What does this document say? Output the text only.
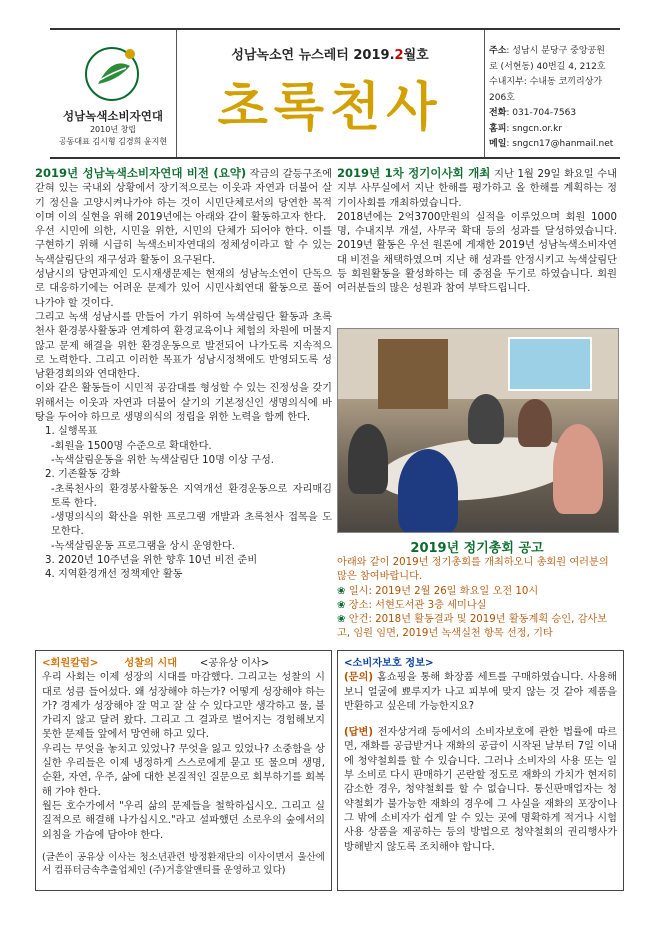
성남녹색소비자연대
2010년 창립
공동대표 김시형 김경희 윤지현
성남녹소연 뉴스레터 2019.2월호
초록천사
주소: 성남시 분당구 중앙공원
로 (서현동) 40번길 4, 212호
수내지부: 수내동 코끼리상가 206호
전화: 031-704-7563
홈피: sngcn.or.kr
메일: sngcn17@hanmail.net

2019년 성남녹색소비자연대 비전 (요약) 작금의 갈등구조에 갇혀 있는 국내외 상황에서 장기적으로는 이웃과 자연과 더불어 살기 정신을 고양시켜나가야 하는 것이 시민단체로서의 당연한 목적이며 이의 실현을 위해 2019년에는 아래와 같이 활동하고자 한다.

우선 시민에 의한, 시민을 위한, 시민의 단체가 되어야 한다. 이를 구현하기 위해 시급히 녹색소비자연대의 정체성이라고 할 수 있는 녹색살림단의 재구성과 활동이 요구된다.

성남시의 당면과제인 도시재생문제는 현재의 성남녹소연이 단독으로 대응하기에는 어려운 문제가 있어 시민사회연대 활동으로 풀어나가야 할 것이다.

그리고 녹색 성남시를 만들어 가기 위하여 녹색살림단 활동과 초록천사 환경봉사활동과 연계하여 환경교육이나 체험의 차원에 머물지 않고 문제 해결을 위한 환경운동으로 발전되어 나가도록 지속적으로 노력한다. 그리고 이러한 목표가 성남시정책에도 반영되도록 성남환경회의와 연대한다.

이와 같은 활동들이 시민적 공감대를 형성할 수 있는 진정성을 갖기 위해서는 이웃과 자연과 더불어 살기의 기본정신인 생명의식에 바탕을 두어야 하므로 생명의식의 정립을 위한 노력을 함께 한다.

1. 실행목표
-회원을 1500명 수준으로 확대한다.
-녹색살림운동을 위한 녹색살림단 10명 이상 구성.
2. 기존활동 강화
-초록천사의 환경봉사활동은 지역개선 환경운동으로 자리매김토록 한다.
-생명의식의 확산을 위한 프로그램 개발과 초록천사 접목을 도모한다.
-녹색살림운동 프로그램을 상시 운영한다.
3. 2020년 10주년을 위한 향후 10년 비전 준비
4. 지역환경개선 정책제안 활동

2019년 1차 정기이사회 개최 지난 1월 29일 화요일 수내지부 사무실에서 지난 한해를 평가하고 올 한해를 계획하는 정기이사회를 개최하였습니다.

2018년에는 2억3700만원의 실적을 이루었으며 회원 1000명, 수내지부 개설, 사무국 확대 등의 성과를 달성하였습니다. 2019년 활동은 우선 원론에 게재한 2019년 성남녹색소비자연대 비전을 채택하였으며 지난 해 성과를 안정시키고 녹색살림단 등 회원활동을 활성화하는 데 중점을 두기로 하였습니다. 회원 여러분들의 많은 성원과 참여 부탁드립니다.

2019년 정기총회 공고
아래와 같이 2019년 정기총회를 개최하오니 총회원 여러분의 많은 참여바랍니다.
❀ 일시: 2019년 2월 26일 화요일 오전 10시
❀ 장소: 서현도서관 3층 세미나실
❀ 안건: 2018년 활동결과 및 2019년 활동계획 승인, 감사보고, 임원 임면, 2019년 녹색실천 항목 선정, 기타
<회원칼럼>	성찰의 시대 <공유상 이사>
우리 사회는 이제 성장의 시대를 마감했다. 그리고는 성찰의 시대로 성큼 들어섰다. 왜 성장해야 하는가? 어떻게 성장해야 하는가? 경제가 성장해야 잘 먹고 잘 살 수 있다고만 생각하고 물, 불 가리지 않고 달려 왔다. 그리고 그 결과로 벌어지는 경험해보지 못한 문제들 앞에서 망연해 하고 있다.
우리는 무엇을 놓치고 있었나? 무엇을 잃고 있었나? 소중함을 상실한 우리들은 이제 냉정하게 스스로에게 묻고 또 물으며 생명, 순환, 자연, 우주, 삶에 대한 본질적인 질문으로 회부하기를 회복해 가야 한다.
월든 호수가에서 "우리 삶의 문제들을 철학하십시오. 그리고 실질적으로 해결해 나가십시오."라고 설파했던 소로우의 숲에서의 외침을 가슴에 담아야 한다.
(글쓴이 공유상 이사는 청소년관련 방정환재단의 이사이면서 울산에서 컴퓨터금속추출업체인 (주)거흥알앤티를 운영하고 있다)
<소비자보호 정보>
(문의) 홈쇼핑을 통해 화장품 세트를 구매하였습니다. 사용해 보니 얼굴에 뾰루지가 나고 피부에 맞지 않는 것 같아 제품을 반환하고 싶은데 가능한지요?
(답변) 전자상거래 등에서의 소비자보호에 관한 법률에 따르면, 재화를 공급받거나 재화의 공급이 시작된 날부터 7일 이내에 청약철회를 할 수 있습니다. 그러나 소비자의 사용 또는 일부 소비로 다시 판매하기 곤란할 정도로 재화의 가치가 현저히 감소한 경우, 청약철회를 할 수 없습니다. 통신판매업자는 청약철회가 불가능한 재화의 경우에 그 사실을 재화의 포장이나 그 밖에 소비자가 쉽게 알 수 있는 곳에 명확하게 적거나 시험 사용 상품을 제공하는 등의 방법으로 청약철회의 권리행사가 방해받지 않도록 조치해야 합니다.
